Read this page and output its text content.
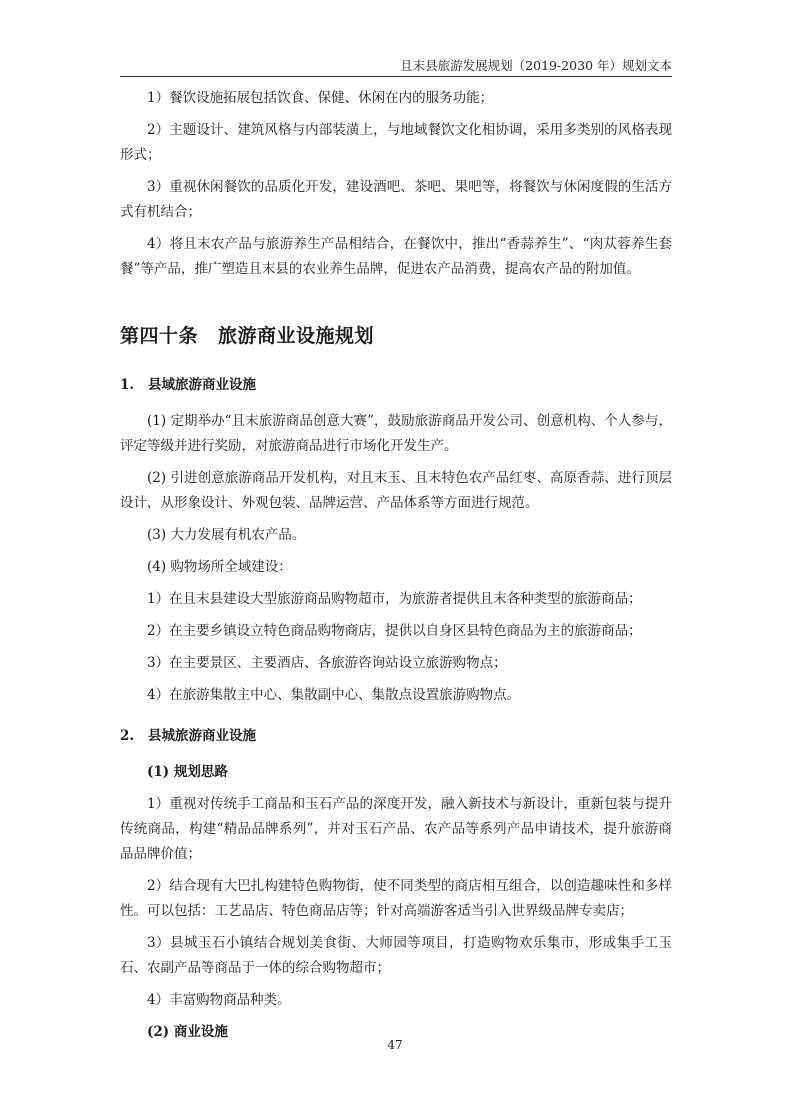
且末县旅游发展规划（2019-2030 年）规划文本

1）餐饮设施拓展包括饮食、保健、休闲在内的服务功能；

2）主题设计、建筑风格与内部装潢上，与地域餐饮文化相协调，采用多类别的风格表现形式；

3）重视休闲餐饮的品质化开发，建设酒吧、茶吧、果吧等，将餐饮与休闲度假的生活方式有机结合；

4）将且末农产品与旅游养生产品相结合，在餐饮中，推出“香蒜养生”、“肉苁蓉养生套餐”等产品，推广塑造且末县的农业养生品牌，促进农产品消费，提高农产品的附加值。

第四十条 旅游商业设施规划
1. 县域旅游商业设施

(1) 定期举办“且末旅游商品创意大赛”，鼓励旅游商品开发公司、创意机构、个人参与，评定等级并进行奖励，对旅游商品进行市场化开发生产。

(2) 引进创意旅游商品开发机构，对且末玉、且末特色农产品红枣、高原香蒜、进行顶层设计，从形象设计、外观包装、品牌运营、产品体系等方面进行规范。

(3) 大力发展有机农产品。

(4) 购物场所全域建设：

1）在且末县建设大型旅游商品购物超市，为旅游者提供且末各种类型的旅游商品；

2）在主要乡镇设立特色商品购物商店，提供以自身区县特色商品为主的旅游商品；

3）在主要景区、主要酒店、各旅游咨询站设立旅游购物点；

4）在旅游集散主中心、集散副中心、集散点设置旅游购物点。

2. 县城旅游商业设施

(1) 规划思路

1）重视对传统手工商品和玉石产品的深度开发，融入新技术与新设计，重新包装与提升传统商品，构建“精品品牌系列”，并对玉石产品、农产品等系列产品申请技术，提升旅游商品品牌价值；

2）结合现有大巴扎构建特色购物街，使不同类型的商店相互组合，以创造趣味性和多样性。可以包括：工艺品店、特色商品店等；针对高端游客适当引入世界级品牌专卖店；

3）县城玉石小镇结合规划美食街、大师园等项目，打造购物欢乐集市，形成集手工玉石、农副产品等商品于一体的综合购物超市；

4）丰富购物商品种类。

(2) 商业设施

47
